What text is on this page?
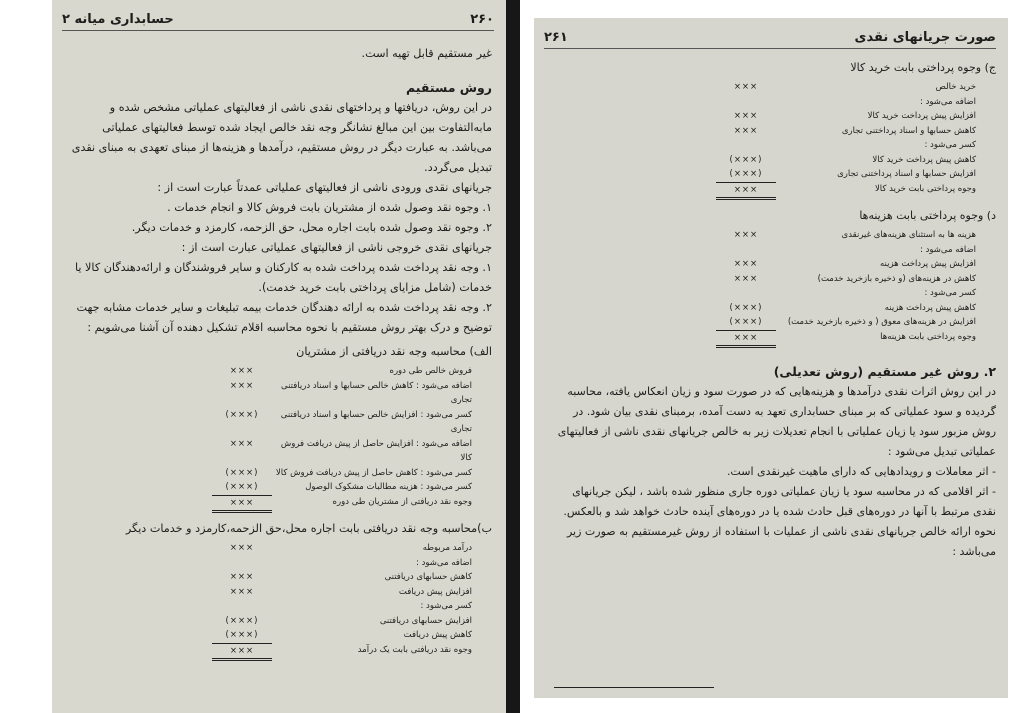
حسابداری میانه ۲	۲۶۰

غیر مستقیم قابل تهیه است.

روش مستقیم

در این روش، دریافتها و پرداختهای نقدی ناشی از فعالیتهای عملیاتی مشخص شده و مابه‌التفاوت بین این مبالغ نشانگر وجه نقد خالص ایجاد شده توسط فعالیتهای عملیاتی می‌باشد. به عبارت دیگر در روش مستقیم، درآمدها و هزینه‌ها از مبنای تعهدی به مبنای نقدی تبدیل می‌گردد.

جریانهای نقدی ورودی ناشی از فعالیتهای عملیاتی عمدتاً عبارت است از :

۱. وجوه نقد وصول شده از مشتریان بابت فروش کالا و انجام خدمات .

۲. وجوه نقد وصول شده بابت اجاره محل، حق الزحمه، کارمزد و خدمات دیگر.

جریانهای نقدی خروجی ناشی از فعالیتهای عملیاتی عبارت است از :

۱. وجه نقد پرداخت شده پرداخت شده به کارکنان و سایر فروشندگان و ارائه‌دهندگان کالا یا خدمات (شامل مزایای پرداختی بابت خرید خدمت).

۲. وجه نقد پرداخت شده به ارائه دهندگان خدمات بیمه تبلیغات و سایر خدمات مشابه جهت توضیح و درک بهتر روش مستقیم با نحوه محاسبه اقلام تشکیل دهنده آن آشنا می‌شویم :

الف) محاسبه وجه نقد دریافتی از مشتریان
فروش خالص طی دوره
×××
اضافه می‌شود : کاهش خالص حسابها و اسناد دریافتنی تجاری
×××
کسر می‌شود : افزایش خالص حسابها و اسناد دریافتنی تجاری
(×××)
اضافه می‌شود : افزایش حاصل از پیش دریافت فروش کالا
×××
کسر می‌شود : کاهش حاصل از پیش دریافت فروش کالا
(×××)
کسر می‌شود : هزینه مطالبات مشکوک الوصول
(×××)
وجوه نقد دریافتی از مشتریان طی دوره
×××
ب)محاسبه وجه نقد دریافتی بابت اجاره محل،حق الزحمه،کارمزد و خدمات دیگر
درآمد مربوطه
×××
اضافه می‌شود :
کاهش حسابهای دریافتنی
×××
افزایش پیش دریافت
×××
کسر می‌شود :
افزایش حسابهای دریافتنی
(×××)
کاهش پیش دریافت
(×××)
وجوه نقد دریافتی بابت یک درآمد
×××
۲۶۱	صورت جریانهای نقدی
ج) وجوه پرداختی بابت خرید کالا
خرید خالص
×××
اضافه می‌شود :
افزایش پیش پرداخت خرید کالا
×××
کاهش حسابها و اسناد پرداختنی تجاری
×××
کسر می‌شود :
کاهش پیش پرداخت خرید کالا
(×××)
افزایش حسابها و اسناد پرداختنی تجاری
(×××)
وجوه پرداختی بابت خرید کالا
×××
د) وجوه پرداختی بابت هزینه‌ها
هزینه ها به استثنای هزینه‌های غیرنقدی
×××
اضافه می‌شود :
افزایش پیش پرداخت هزینه
×××
کاهش در هزینه‌های (و ذخیره بازخرید خدمت)
×××
کسر می‌شود :
کاهش پیش پرداخت هزینه
(×××)
افزایش در هزینه‌های معوق ( و ذخیره بازخرید خدمت)
(×××)
وجوه پرداختی بابت هزینه‌ها
×××
۲. روش غیر مستقیم (روش تعدیلی)

در این روش اثرات نقدی درآمدها و هزینه‌هایی که در صورت سود و زیان انعکاس یافته، محاسبه گردیده و سود عملیاتی که بر مبنای حسابداری تعهد به دست آمده، برمبنای نقدی بیان شود. در روش مزبور سود یا زیان عملیاتی با انجام تعدیلات زیر به خالص جریانهای نقدی ناشی از فعالیتهای عملیاتی تبدیل می‌شود :

- اثر معاملات و رویدادهایی که دارای ماهیت غیرنقدی است.

- اثر اقلامی که در محاسبه سود یا زیان عملیاتی دوره جاری منظور شده باشد ، لیکن جریانهای نقدی مرتبط با آنها در دوره‌های قبل حادث شده یا در دوره‌های آینده حادث خواهد شد و بالعکس.

نحوه ارائه خالص جریانهای نقدی ناشی از عملیات با استفاده از روش غیرمستقیم به صورت زیر می‌باشد :
